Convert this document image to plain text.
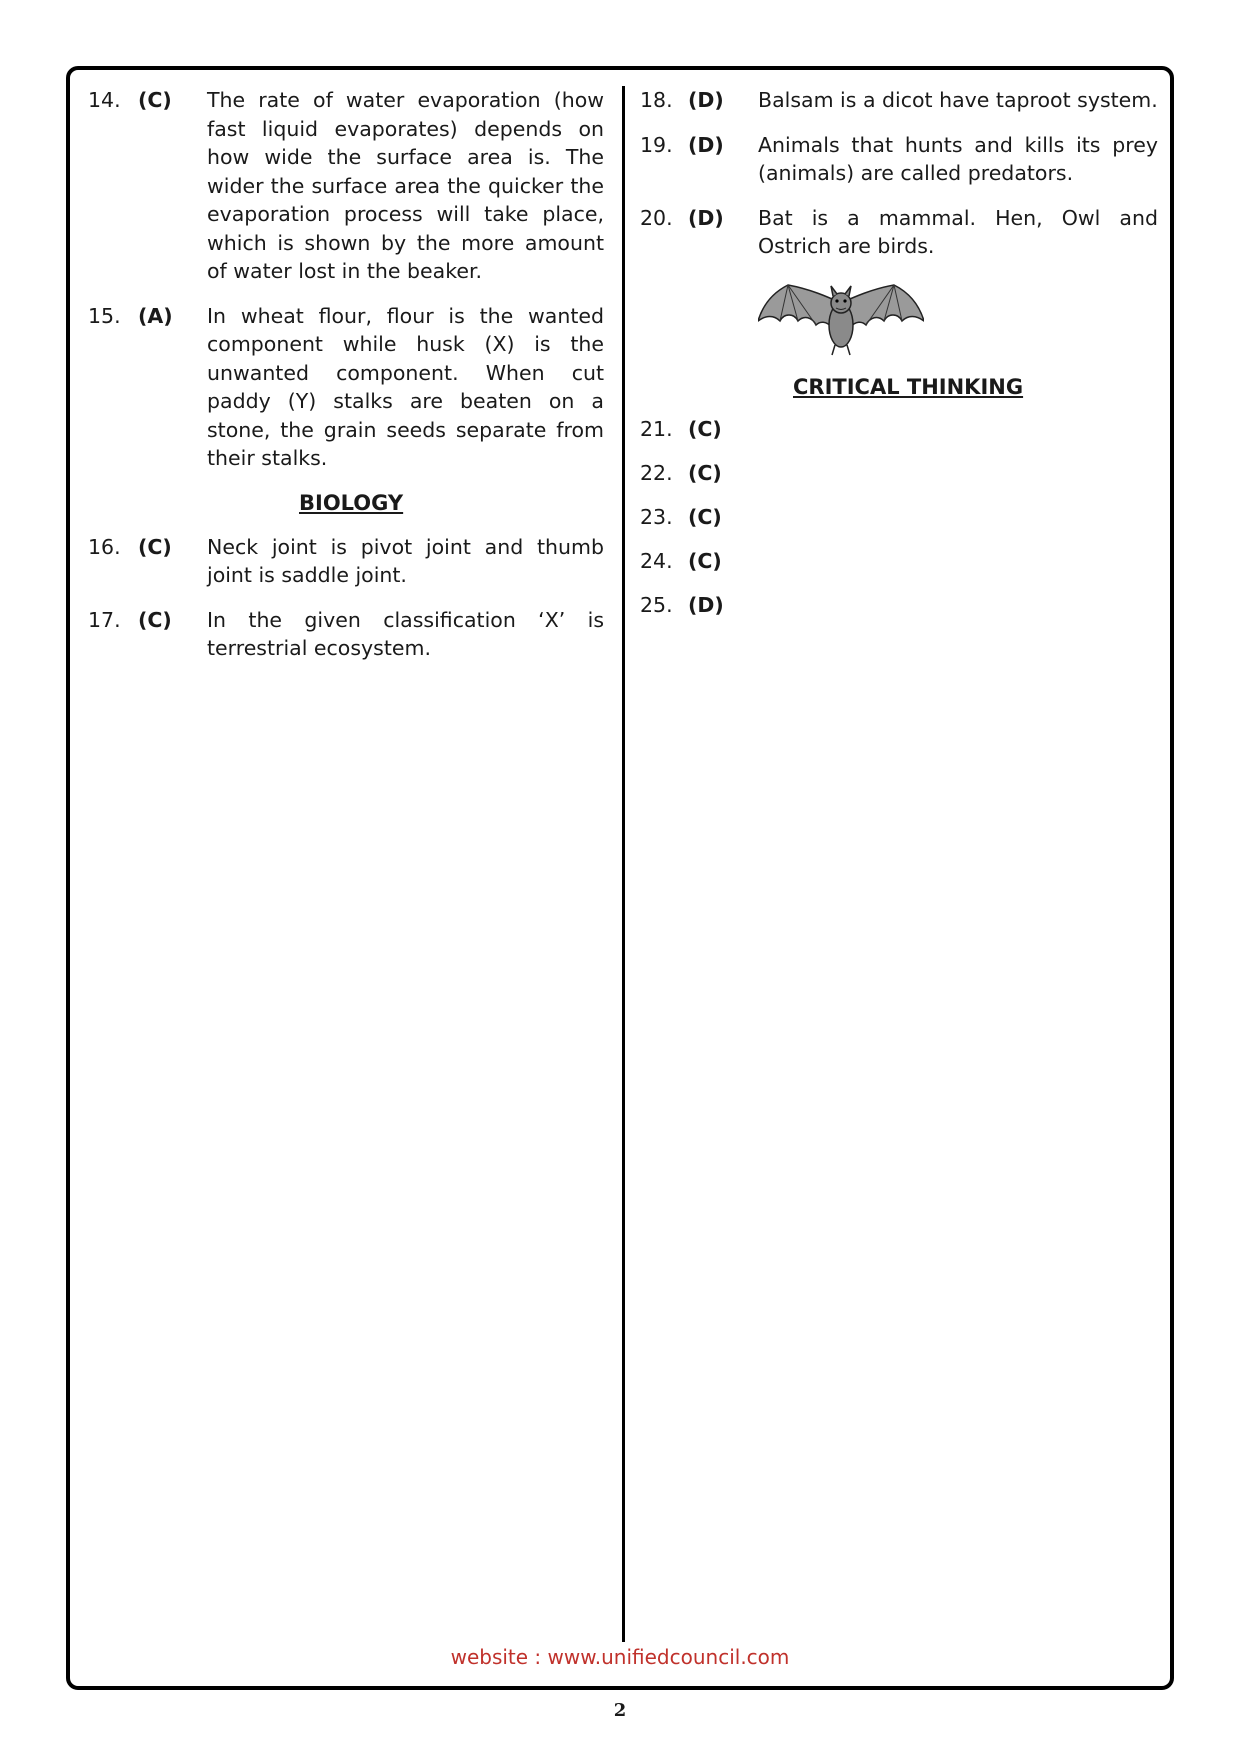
14. (C) The rate of water evaporation (how fast liquid evaporates) depends on how wide the surface area is. The wider the surface area the quicker the evaporation process will take place, which is shown by the more amount of water lost in the beaker.
15. (A) In wheat flour, flour is the wanted component while husk (X) is the unwanted component. When cut paddy (Y) stalks are beaten on a stone, the grain seeds separate from their stalks.
BIOLOGY
16. (C) Neck joint is pivot joint and thumb joint is saddle joint.
17. (C) In the given classification ‘X’ is terrestrial ecosystem.
18. (D) Balsam is a dicot have taproot system.
19. (D) Animals that hunts and kills its prey (animals) are called predators.
20. (D) Bat is a mammal. Hen, Owl and Ostrich are birds.
CRITICAL THINKING
21. (C)
22. (C)
23. (C)
24. (C)
25. (D)
website : www.unifiedcouncil.com
2
